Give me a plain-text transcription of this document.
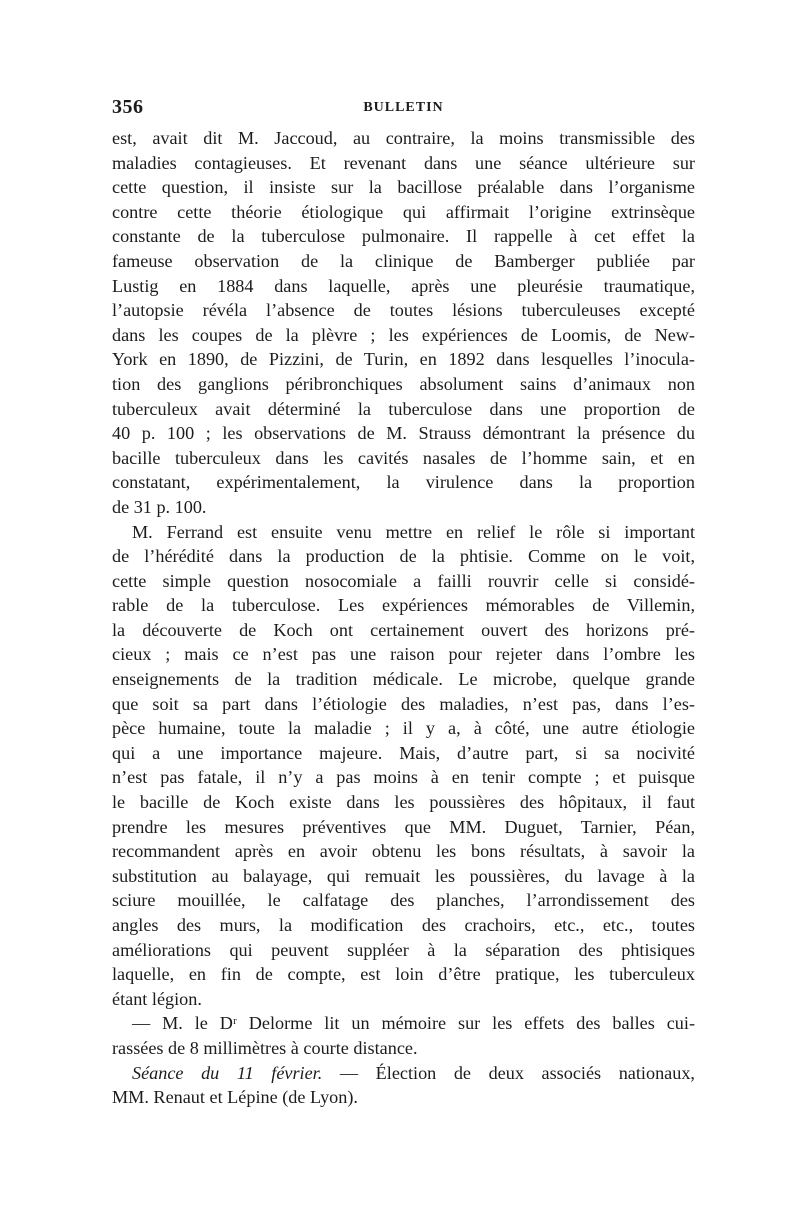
356	BULLETIN
est, avait dit M. Jaccoud, au contraire, la moins transmissible des
maladies contagieuses. Et revenant dans une séance ultérieure sur
cette question, il insiste sur la bacillose préalable dans l’organisme
contre cette théorie étiologique qui affirmait l’origine extrinsèque
constante de la tuberculose pulmonaire. Il rappelle à cet effet la
fameuse observation de la clinique de Bamberger publiée par
Lustig en 1884 dans laquelle, après une pleurésie traumatique,
l’autopsie révéla l’absence de toutes lésions tuberculeuses excepté
dans les coupes de la plèvre ; les expériences de Loomis, de New-
York en 1890, de Pizzini, de Turin, en 1892 dans lesquelles l’inocula-
tion des ganglions péribronchiques absolument sains d’animaux non
tuberculeux avait déterminé la tuberculose dans une proportion de
40 p. 100 ; les observations de M. Strauss démontrant la présence du
bacille tuberculeux dans les cavités nasales de l’homme sain, et en
constatant, expérimentalement, la virulence dans la proportion
de 31 p. 100.
M. Ferrand est ensuite venu mettre en relief le rôle si important
de l’hérédité dans la production de la phtisie. Comme on le voit,
cette simple question nosocomiale a failli rouvrir celle si considé-
rable de la tuberculose. Les expériences mémorables de Villemin,
la découverte de Koch ont certainement ouvert des horizons pré-
cieux ; mais ce n’est pas une raison pour rejeter dans l’ombre les
enseignements de la tradition médicale. Le microbe, quelque grande
que soit sa part dans l’étiologie des maladies, n’est pas, dans l’es-
pèce humaine, toute la maladie ; il y a, à côté, une autre étiologie
qui a une importance majeure. Mais, d’autre part, si sa nocivité
n’est pas fatale, il n’y a pas moins à en tenir compte ; et puisque
le bacille de Koch existe dans les poussières des hôpitaux, il faut
prendre les mesures préventives que MM. Duguet, Tarnier, Péan,
recommandent après en avoir obtenu les bons résultats, à savoir la
substitution au balayage, qui remuait les poussières, du lavage à la
sciure mouillée, le calfatage des planches, l’arrondissement des
angles des murs, la modification des crachoirs, etc., etc., toutes
améliorations qui peuvent suppléer à la séparation des phtisiques
laquelle, en fin de compte, est loin d’être pratique, les tuberculeux
étant légion.
— M. le Dʳ Delorme lit un mémoire sur les effets des balles cui-
rassées de 8 millimètres à courte distance.
Séance du 11 février. — Élection de deux associés nationaux,
MM. Renaut et Lépine (de Lyon).
